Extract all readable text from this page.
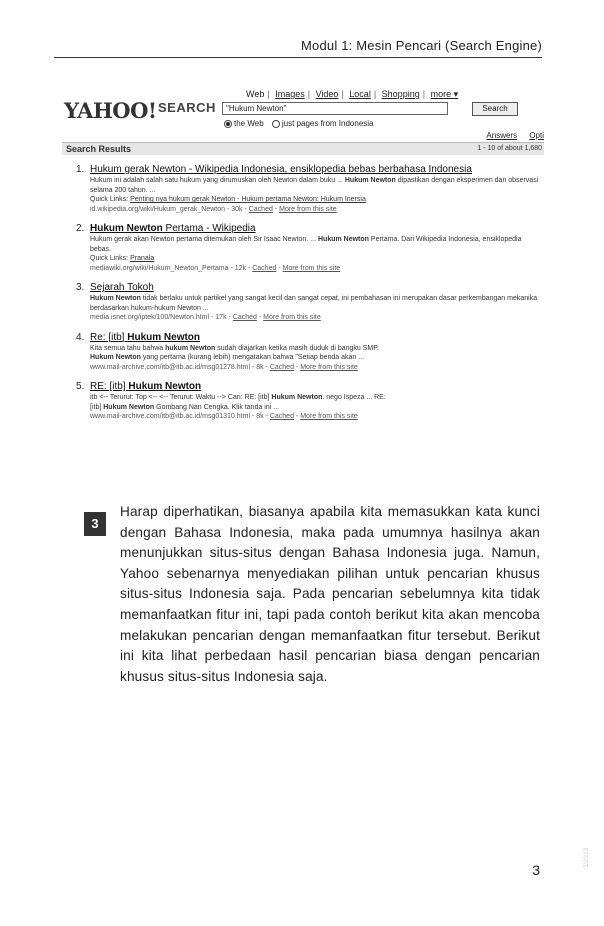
Modul 1: Mesin Pencari (Search Engine)
YAHOO! SEARCH
Web | Images | Video | Local | Shopping | more ▾
"Hukum Newton"	Search
the Web just pages from Indonesia
Answers Opti
Search Results	1 - 10 of about 1,680
1. Hukum gerak Newton - Wikipedia Indonesia, ensiklopedia bebas berbahasa Indonesia
Hukum ini adalah salah satu hukum yang dirumuskan oleh Newton dalam buku ... Hukum Newton dipastikan dengan eksperimen dan observasi selama 200 tahun. ...
Quick Links: Penting nya hukum gerak Newton - Hukum pertama Newton: Hukum Inersia
id.wikipedia.org/wiki/Hukum_gerak_Newton - 30k - Cached - More from this site
2. Hukum Newton Pertama - Wikipedia
Hukum gerak akan Newton pertama ditemukan oleh Sir Isaac Newton. ... Hukum Newton Pertama. Dari Wikipedia Indonesia, ensiklopedia bebas.
Quick Links: Pranala
mediawiki.org/wiki/Hukum_Newton_Pertama - 12k - Cached - More from this site
3. Sejarah Tokoh
Hukum Newton tidak berlaku untuk partikel yang sangat kecil dan sangat cepat, ini pembahasan ini merupakan dasar perkembangan mekanika berdasarkan hukum-hukum Newton ...
media.isnet.org/iptek/100/Newton.html - 17k - Cached - More from this site
4. Re: [itb] Hukum Newton
Kita semua tahu bahwa hukum Newton sudah diajarkan ketika masih duduk di bangku SMP.
Hukum Newton yang pertama (kurang lebih) mengatakan bahwa "Setiap benda akan ...
www.mail-archive.com/itb@itb.ac.id/msg01278.html - 8k - Cached - More from this site
5. RE: [itb] Hukum Newton
itb <-- Terurut: Top <-- <-- Terurut: Waktu --> Cari: RE: [itb] Hukum Newton. nego Ispeza ... RE:
[itb] Hukum Newton Gombang Nan Cengka. Klik tanda ini ...
www.mail-archive.com/itb@itb.ac.id/msg01310.html - 8k - Cached - More from this site
3
Harap diperhatikan, biasanya apabila kita memasukkan kata kunci dengan Bahasa Indonesia, maka pada umumnya hasilnya akan menunjukkan situs-situs dengan Bahasa Indonesia juga. Namun, Yahoo sebenarnya menyediakan pilihan untuk pencarian khusus situs-situs Indonesia saja. Pada pencarian sebelumnya kita tidak memanfaatkan fitur ini, tapi pada contoh berikut kita akan mencoba melakukan pencarian dengan memanfaatkan fitur tersebut. Berikut ini kita lihat perbedaan hasil pencarian biasa dengan pencarian khusus situs-situs Indonesia saja.
3
3/20/13
